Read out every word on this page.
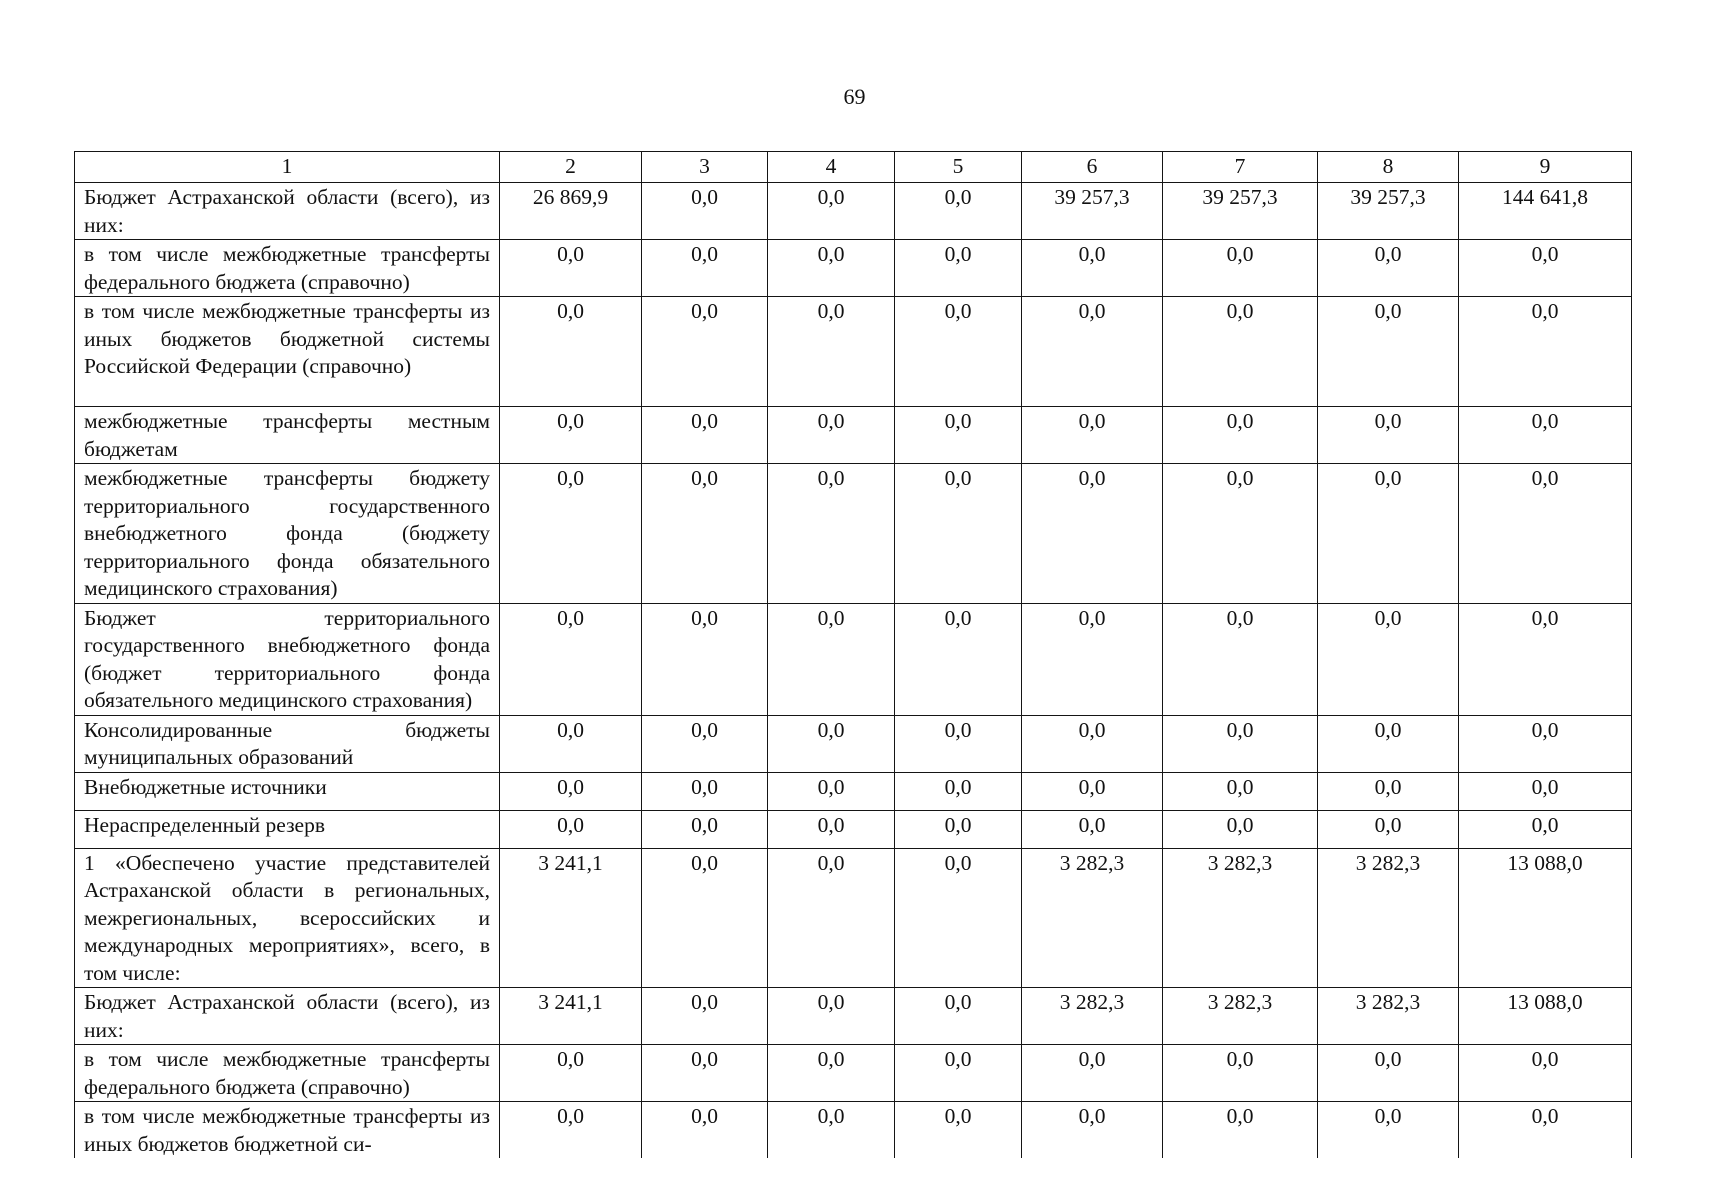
69
1	2	3	4	5	6	7	8	9
Бюджет Астраханской области (всего), из них:	26 869,9	0,0	0,0	0,0	39 257,3	39 257,3	39 257,3	144 641,8
в том числе межбюджетные трансферты федерального бюджета (справочно)	0,0	0,0	0,0	0,0	0,0	0,0	0,0	0,0
в том числе межбюджетные трансферты из иных бюджетов бюджетной системы Российской Федерации (справочно)	0,0	0,0	0,0	0,0	0,0	0,0	0,0	0,0
межбюджетные трансферты местным бюджетам	0,0	0,0	0,0	0,0	0,0	0,0	0,0	0,0
межбюджетные трансферты бюджету территориального государственного внебюджетного фонда (бюджету территориального фонда обязательного медицинского страхования)	0,0	0,0	0,0	0,0	0,0	0,0	0,0	0,0
Бюджет территориального государственного внебюджетного фонда (бюджет территориального фонда обязательного медицинского страхования)	0,0	0,0	0,0	0,0	0,0	0,0	0,0	0,0
Консолидированные бюджеты муниципальных образований	0,0	0,0	0,0	0,0	0,0	0,0	0,0	0,0
Внебюджетные источники	0,0	0,0	0,0	0,0	0,0	0,0	0,0	0,0
Нераспределенный резерв	0,0	0,0	0,0	0,0	0,0	0,0	0,0	0,0
1 «Обеспечено участие представителей Астраханской области в региональных, межрегиональных, всероссийских и международных мероприятиях», всего, в том числе:	3 241,1	0,0	0,0	0,0	3 282,3	3 282,3	3 282,3	13 088,0
Бюджет Астраханской области (всего), из них:	3 241,1	0,0	0,0	0,0	3 282,3	3 282,3	3 282,3	13 088,0
в том числе межбюджетные трансферты федерального бюджета (справочно)	0,0	0,0	0,0	0,0	0,0	0,0	0,0	0,0
в том числе межбюджетные трансферты из иных бюджетов бюджетной си-	0,0	0,0	0,0	0,0	0,0	0,0	0,0	0,0
